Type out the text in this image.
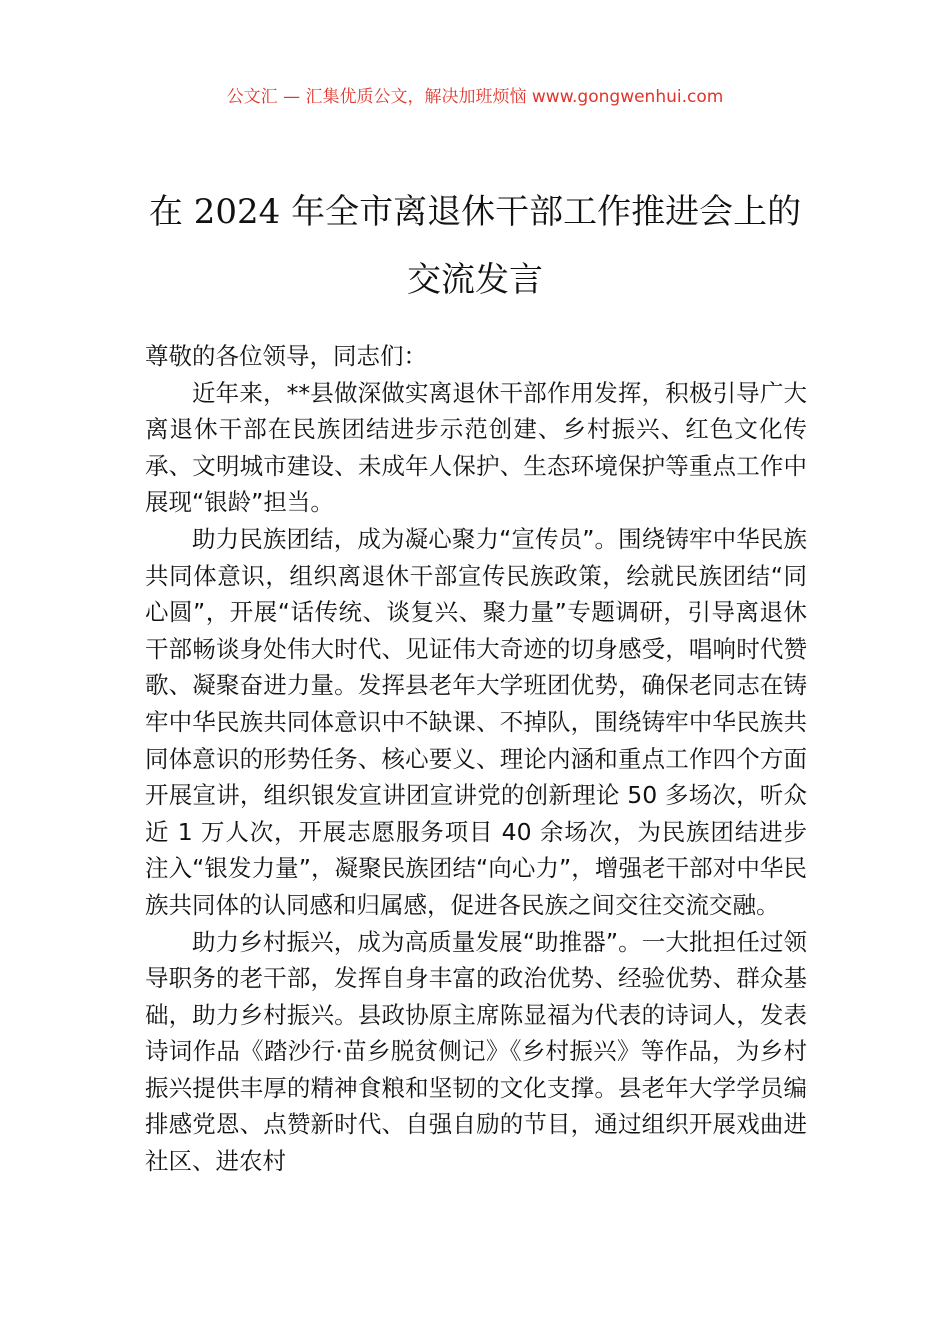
公文汇 — 汇集优质公文，解决加班烦恼 www.gongwenhui.com
在 2024 年全市离退休干部工作推进会上的
交流发言

尊敬的各位领导，同志们：

近年来，**县做深做实离退休干部作用发挥，积极引导广大离退休干部在民族团结进步示范创建、乡村振兴、红色文化传承、文明城市建设、未成年人保护、生态环境保护等重点工作中展现“银龄”担当。

助力民族团结，成为凝心聚力“宣传员”。围绕铸牢中华民族共同体意识，组织离退休干部宣传民族政策，绘就民族团结“同心圆”，开展“话传统、谈复兴、聚力量”专题调研，引导离退休干部畅谈身处伟大时代、见证伟大奇迹的切身感受，唱响时代赞歌、凝聚奋进力量。发挥县老年大学班团优势，确保老同志在铸牢中华民族共同体意识中不缺课、不掉队，围绕铸牢中华民族共同体意识的形势任务、核心要义、理论内涵和重点工作四个方面开展宣讲，组织银发宣讲团宣讲党的创新理论 50 多场次，听众近 1 万人次，开展志愿服务项目 40 余场次，为民族团结进步注入“银发力量”，凝聚民族团结“向心力”，增强老干部对中华民族共同体的认同感和归属感，促进各民族之间交往交流交融。

助力乡村振兴，成为高质量发展“助推器”。一大批担任过领导职务的老干部，发挥自身丰富的政治优势、经验优势、群众基础，助力乡村振兴。县政协原主席陈显福为代表的诗词人，发表诗词作品《踏沙行·苗乡脱贫侧记》《乡村振兴》等作品，为乡村振兴提供丰厚的精神食粮和坚韧的文化支撑。县老年大学学员编排感党恩、点赞新时代、自强自励的节目，通过组织开展戏曲进社区、进农村
